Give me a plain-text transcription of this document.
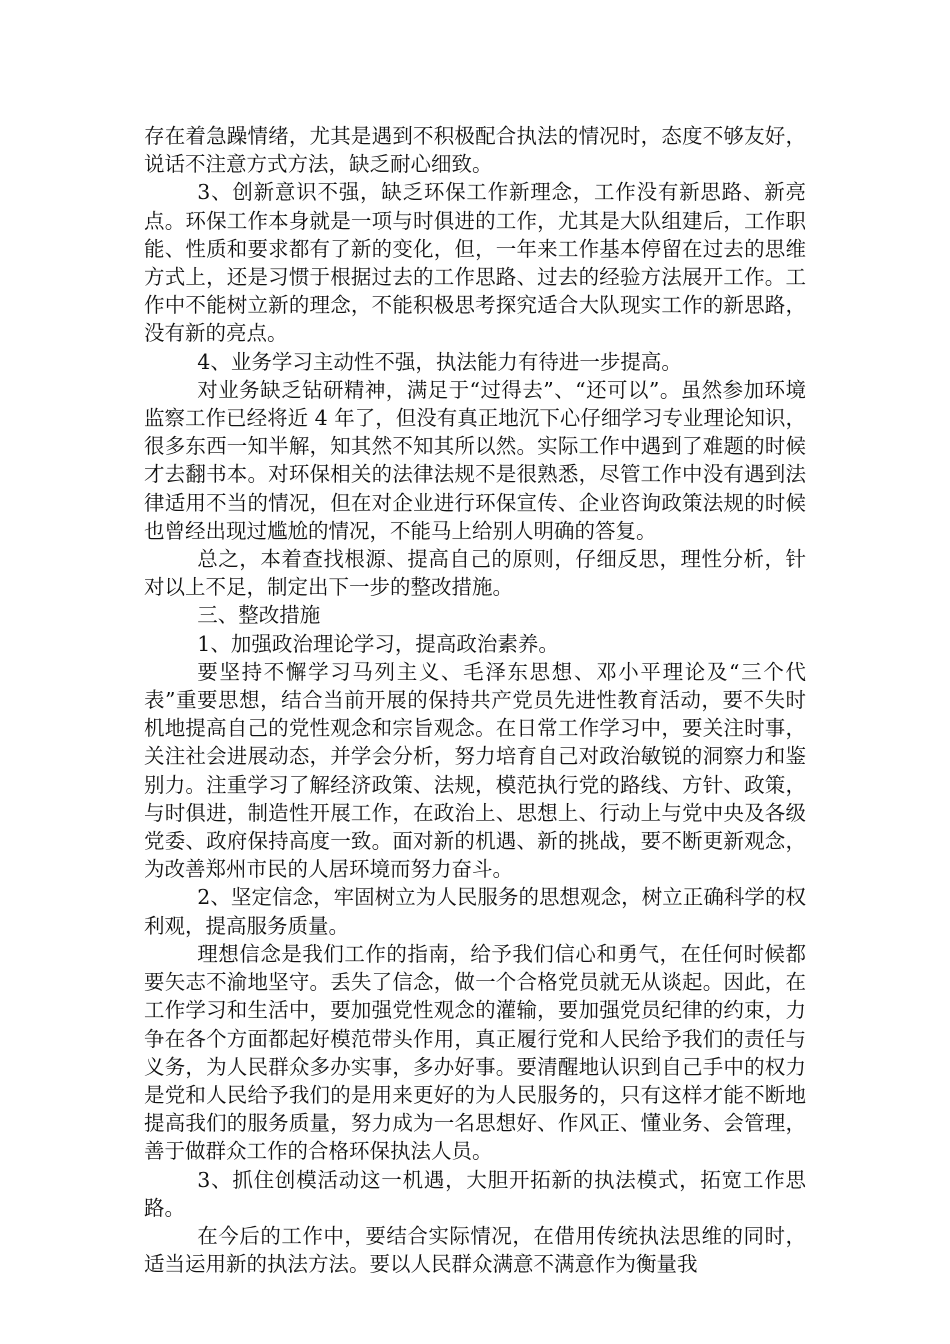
存在着急躁情绪，尤其是遇到不积极配合执法的情况时，态度不够友好，说话不注意方式方法，缺乏耐心细致。

3、创新意识不强，缺乏环保工作新理念，工作没有新思路、新亮点。环保工作本身就是一项与时俱进的工作，尤其是大队组建后，工作职能、性质和要求都有了新的变化，但，一年来工作基本停留在过去的思维方式上，还是习惯于根据过去的工作思路、过去的经验方法展开工作。工作中不能树立新的理念，不能积极思考探究适合大队现实工作的新思路，没有新的亮点。

4、业务学习主动性不强，执法能力有待进一步提高。

对业务缺乏钻研精神，满足于“过得去”、“还可以”。虽然参加环境监察工作已经将近 4 年了，但没有真正地沉下心仔细学习专业理论知识，很多东西一知半解，知其然不知其所以然。实际工作中遇到了难题的时候才去翻书本。对环保相关的法律法规不是很熟悉，尽管工作中没有遇到法律适用不当的情况，但在对企业进行环保宣传、企业咨询政策法规的时候也曾经出现过尴尬的情况，不能马上给别人明确的答复。

总之，本着查找根源、提高自己的原则，仔细反思，理性分析，针对以上不足，制定出下一步的整改措施。

三、整改措施

1、加强政治理论学习，提高政治素养。

要坚持不懈学习马列主义、毛泽东思想、邓小平理论及“三个代表”重要思想，结合当前开展的保持共产党员先进性教育活动，要不失时机地提高自己的党性观念和宗旨观念。在日常工作学习中，要关注时事，关注社会进展动态，并学会分析，努力培育自己对政治敏锐的洞察力和鉴别力。注重学习了解经济政策、法规，模范执行党的路线、方针、政策，与时俱进，制造性开展工作，在政治上、思想上、行动上与党中央及各级党委、政府保持高度一致。面对新的机遇、新的挑战，要不断更新观念，为改善郑州市民的人居环境而努力奋斗。

2、坚定信念，牢固树立为人民服务的思想观念，树立正确科学的权利观，提高服务质量。

理想信念是我们工作的指南，给予我们信心和勇气，在任何时候都要矢志不渝地坚守。丢失了信念，做一个合格党员就无从谈起。因此，在工作学习和生活中，要加强党性观念的灌输，要加强党员纪律的约束，力争在各个方面都起好模范带头作用，真正履行党和人民给予我们的责任与义务，为人民群众多办实事，多办好事。要清醒地认识到自己手中的权力是党和人民给予我们的是用来更好的为人民服务的，只有这样才能不断地提高我们的服务质量，努力成为一名思想好、作风正、懂业务、会管理，善于做群众工作的合格环保执法人员。

3、抓住创模活动这一机遇，大胆开拓新的执法模式，拓宽工作思路。

在今后的工作中，要结合实际情况，在借用传统执法思维的同时，适当运用新的执法方法。要以人民群众满意不满意作为衡量我
